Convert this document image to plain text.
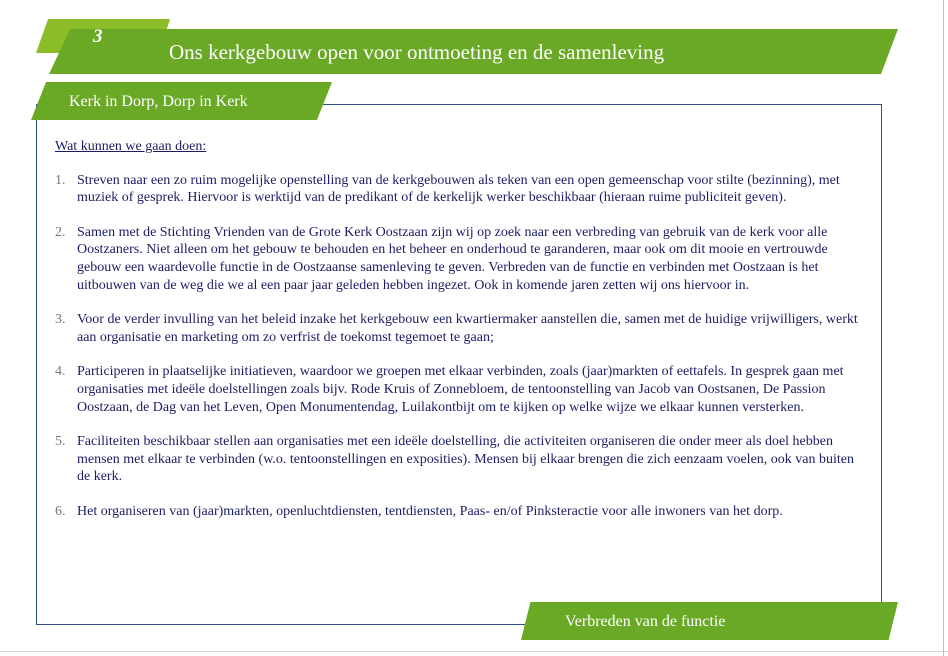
3
Ons kerkgebouw open voor ontmoeting en de samenleving
Kerk in Dorp, Dorp in Kerk

Wat kunnen we gaan doen:

1. Streven naar een zo ruim mogelijke openstelling van de kerkgebouwen als teken van een open gemeenschap voor stilte (bezinning), met muziek of gesprek. Hiervoor is werktijd van de predikant of de kerkelijk werker beschikbaar (hieraan ruime publiciteit geven).
2. Samen met de Stichting Vrienden van de Grote Kerk Oostzaan zijn wij op zoek naar een verbreding van gebruik van de kerk voor alle Oostzaners. Niet alleen om het gebouw te behouden en het beheer en onderhoud te garanderen, maar ook om dit mooie en vertrouwde gebouw een waardevolle functie in de Oostzaanse samenleving te geven. Verbreden van de functie en verbinden met Oostzaan is het uitbouwen van de weg die we al een paar jaar geleden hebben ingezet. Ook in komende jaren zetten wij ons hiervoor in.
3. Voor de verder invulling van het beleid inzake het kerkgebouw een kwartiermaker aanstellen die, samen met de huidige vrijwilligers, werkt aan organisatie en marketing om zo verfrist de toekomst tegemoet te gaan;
4. Participeren in plaatselijke initiatieven, waardoor we groepen met elkaar verbinden, zoals (jaar)markten of eettafels. In gesprek gaan met organisaties met ideële doelstellingen zoals bijv. Rode Kruis of Zonnebloem, de tentoonstelling van Jacob van Oostsanen, De Passion Oostzaan, de Dag van het Leven, Open Monumentendag, Luilakontbijt om te kijken op welke wijze we elkaar kunnen versterken.
5. Faciliteiten beschikbaar stellen aan organisaties met een ideële doelstelling, die activiteiten organiseren die onder meer als doel hebben mensen met elkaar te verbinden (w.o. tentoonstellingen en exposities). Mensen bij elkaar brengen die zich eenzaam voelen, ook van buiten de kerk.
6. Het organiseren van (jaar)markten, openluchtdiensten, tentdiensten, Paas- en/of Pinksteractie voor alle inwoners van het dorp.
Verbreden van de functie
